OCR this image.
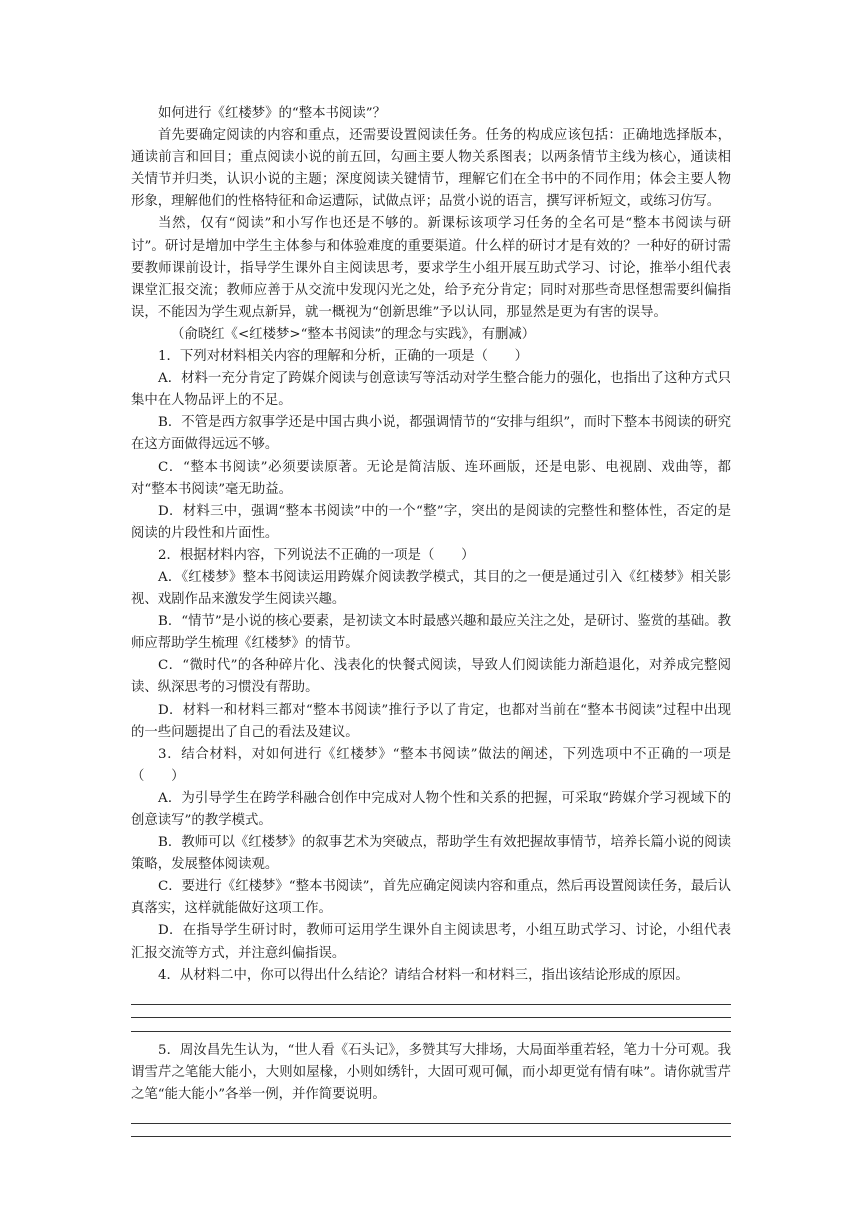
如何进行《红楼梦》的“整本书阅读”？

首先要确定阅读的内容和重点，还需要设置阅读任务。任务的构成应该包括：正确地选择版本，通读前言和回目；重点阅读小说的前五回，勾画主要人物关系图表；以两条情节主线为核心，通读相关情节并归类，认识小说的主题；深度阅读关键情节，理解它们在全书中的不同作用；体会主要人物形象，理解他们的性格特征和命运遭际，试做点评；品赏小说的语言，撰写评析短文，或练习仿写。

当然，仅有“阅读”和小写作也还是不够的。新课标该项学习任务的全名可是“整本书阅读与研讨”。研讨是增加中学生主体参与和体验难度的重要渠道。什么样的研讨才是有效的？一种好的研讨需要教师课前设计，指导学生课外自主阅读思考，要求学生小组开展互助式学习、讨论，推举小组代表课堂汇报交流；教师应善于从交流中发现闪光之处，给予充分肯定；同时对那些奇思怪想需要纠偏指误，不能因为学生观点新异，就一概视为“创新思维”予以认同，那显然是更为有害的误导。

（俞晓红《<红楼梦>“整本书阅读”的理念与实践》，有删减）

1．下列对材料相关内容的理解和分析，正确的一项是（　　）

A．材料一充分肯定了跨媒介阅读与创意读写等活动对学生整合能力的强化，也指出了这种方式只集中在人物品评上的不足。

B．不管是西方叙事学还是中国古典小说，都强调情节的“安排与组织”，而时下整本书阅读的研究在这方面做得远远不够。

C．“整本书阅读”必须要读原著。无论是简洁版、连环画版，还是电影、电视剧、戏曲等，都对“整本书阅读”毫无助益。

D．材料三中，强调“整本书阅读”中的一个“整”字，突出的是阅读的完整性和整体性，否定的是阅读的片段性和片面性。

2．根据材料内容，下列说法不正确的一项是（　　）

A．《红楼梦》整本书阅读运用跨媒介阅读教学模式，其目的之一便是通过引入《红楼梦》相关影视、戏剧作品来激发学生阅读兴趣。

B．“情节”是小说的核心要素，是初读文本时最感兴趣和最应关注之处，是研讨、鉴赏的基础。教师应帮助学生梳理《红楼梦》的情节。

C．“微时代”的各种碎片化、浅表化的快餐式阅读，导致人们阅读能力渐趋退化，对养成完整阅读、纵深思考的习惯没有帮助。

D．材料一和材料三都对“整本书阅读”推行予以了肯定，也都对当前在“整本书阅读”过程中出现的一些问题提出了自己的看法及建议。

3．结合材料，对如何进行《红楼梦》“整本书阅读”做法的阐述，下列选项中不正确的一项是（　　）

A．为引导学生在跨学科融合创作中完成对人物个性和关系的把握，可采取“跨媒介学习视域下的创意读写”的教学模式。

B．教师可以《红楼梦》的叙事艺术为突破点，帮助学生有效把握故事情节，培养长篇小说的阅读策略，发展整体阅读观。

C．要进行《红楼梦》“整本书阅读”，首先应确定阅读内容和重点，然后再设置阅读任务，最后认真落实，这样就能做好这项工作。

D．在指导学生研讨时，教师可运用学生课外自主阅读思考，小组互助式学习、讨论，小组代表汇报交流等方式，并注意纠偏指误。

4．从材料二中，你可以得出什么结论？请结合材料一和材料三，指出该结论形成的原因。

5．周汝昌先生认为，“世人看《石头记》，多赞其写大排场，大局面举重若轻，笔力十分可观。我谓雪芹之笔能大能小，大则如屋椽，小则如绣针，大固可观可佩，而小却更觉有情有味”。请你就雪芹之笔“能大能小”各举一例，并作简要说明。
